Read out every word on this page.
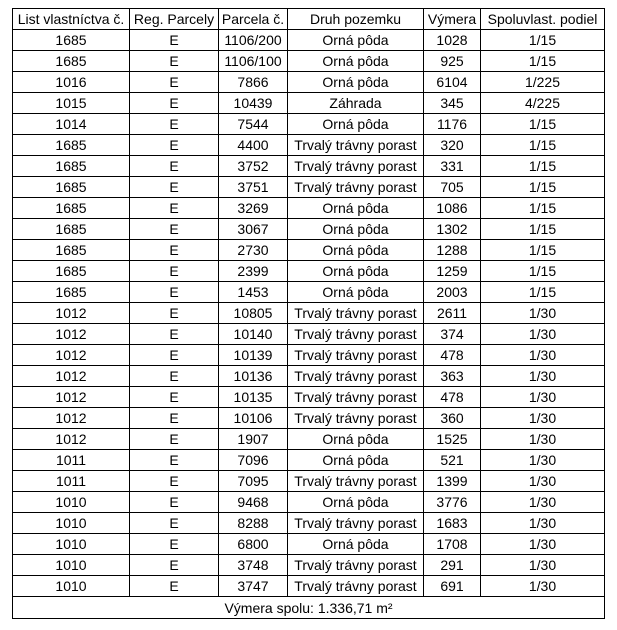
List vlastníctva č.	Reg. Parcely	Parcela č.	Druh pozemku	Výmera	Spoluvlast. podiel
1685	E	1106/200	Orná pôda	1028	1/15
1685	E	1106/100	Orná pôda	925	1/15
1016	E	7866	Orná pôda	6104	1/225
1015	E	10439	Záhrada	345	4/225
1014	E	7544	Orná pôda	1176	1/15
1685	E	4400	Trvalý trávny porast	320	1/15
1685	E	3752	Trvalý trávny porast	331	1/15
1685	E	3751	Trvalý trávny porast	705	1/15
1685	E	3269	Orná pôda	1086	1/15
1685	E	3067	Orná pôda	1302	1/15
1685	E	2730	Orná pôda	1288	1/15
1685	E	2399	Orná pôda	1259	1/15
1685	E	1453	Orná pôda	2003	1/15
1012	E	10805	Trvalý trávny porast	2611	1/30
1012	E	10140	Trvalý trávny porast	374	1/30
1012	E	10139	Trvalý trávny porast	478	1/30
1012	E	10136	Trvalý trávny porast	363	1/30
1012	E	10135	Trvalý trávny porast	478	1/30
1012	E	10106	Trvalý trávny porast	360	1/30
1012	E	1907	Orná pôda	1525	1/30
1011	E	7096	Orná pôda	521	1/30
1011	E	7095	Trvalý trávny porast	1399	1/30
1010	E	9468	Orná pôda	3776	1/30
1010	E	8288	Trvalý trávny porast	1683	1/30
1010	E	6800	Orná pôda	1708	1/30
1010	E	3748	Trvalý trávny porast	291	1/30
1010	E	3747	Trvalý trávny porast	691	1/30
Výmera spolu: 1.336,71 m²					
